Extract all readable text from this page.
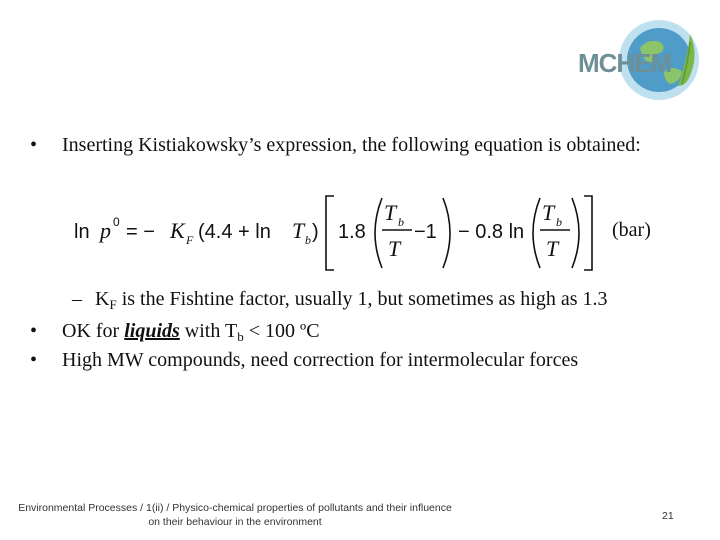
MCHEM
• Inserting Kistiakowsky’s expression, the following equation is obtained:
ln p 0 = − K F (4.4 + ln T b ) 1.8
T b
T
−1 − 0.8 ln
T b
T
(bar)
– $K_F$ is the Fishtine factor, usually 1, but sometimes as high as 1.3
• OK for liquids with $T_b < 100$ ºC
• High MW compounds, need correction for intermolecular forces
Environmental Processes / 1(ii) / Physico-chemical properties of pollutants and their influence
on their behaviour in the environment	21
